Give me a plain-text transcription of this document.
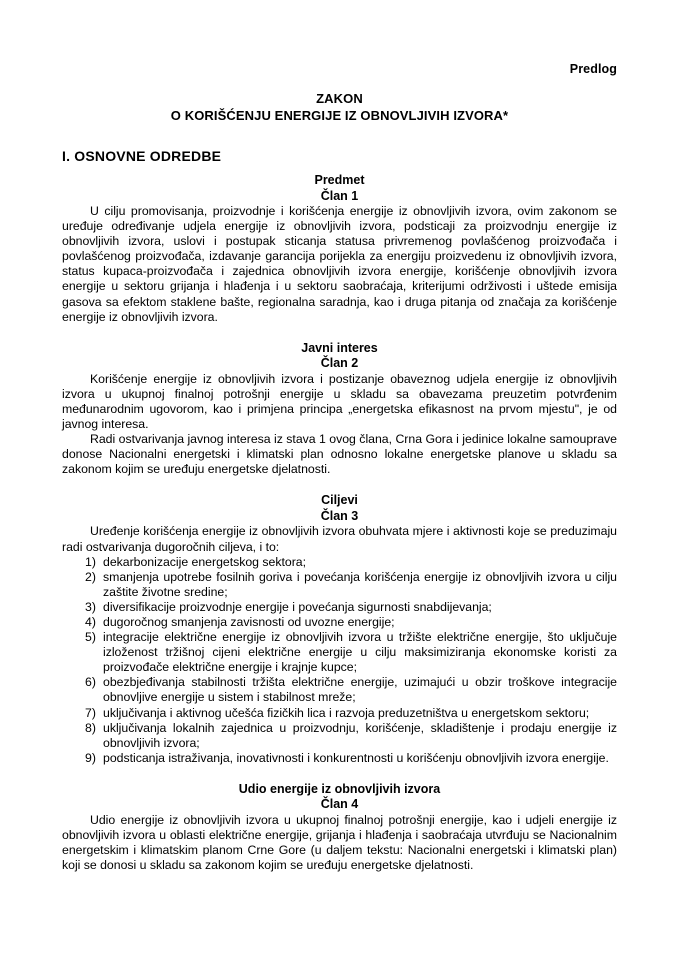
Predlog
ZAKON
O KORIŠĆENJU ENERGIJE IZ OBNOVLJIVIH IZVORA*
I. OSNOVNE ODREDBE
Predmet
Član 1

U cilju promovisanja, proizvodnje i korišćenja energije iz obnovljivih izvora, ovim zakonom se uređuje određivanje udjela energije iz obnovljivih izvora, podsticaji za proizvodnju energije iz obnovljivih izvora, uslovi i postupak sticanja statusa privremenog povlašćenog proizvođača i povlašćenog proizvođača, izdavanje garancija porijekla za energiju proizvedenu iz obnovljivih izvora, status kupaca-proizvođača i zajednica obnovljivih izvora energije, korišćenje obnovljivih izvora energije u sektoru grijanja i hlađenja i u sektoru saobraćaja, kriterijumi održivosti i uštede emisija gasova sa efektom staklene bašte, regionalna saradnja, kao i druga pitanja od značaja za korišćenje energije iz obnovljivih izvora.

Javni interes
Član 2

Korišćenje energije iz obnovljivih izvora i postizanje obaveznog udjela energije iz obnovljivih izvora u ukupnoj finalnoj potrošnji energije u skladu sa obavezama preuzetim potvrđenim međunarodnim ugovorom, kao i primjena principa „energetska efikasnost na prvom mjestu", je od javnog interesa.

Radi ostvarivanja javnog interesa iz stava 1 ovog člana, Crna Gora i jedinice lokalne samouprave donose Nacionalni energetski i klimatski plan odnosno lokalne energetske planove u skladu sa zakonom kojim se uređuju energetske djelatnosti.

Ciljevi
Član 3

Uređenje korišćenja energije iz obnovljivih izvora obuhvata mjere i aktivnosti koje se preduzimaju radi ostvarivanja dugoročnih ciljeva, i to:

dekarbonizacije energetskog sektora;
smanjenja upotrebe fosilnih goriva i povećanja korišćenja energije iz obnovljivih izvora u cilju zaštite životne sredine;
diversifikacije proizvodnje energije i povećanja sigurnosti snabdijevanja;
dugoročnog smanjenja zavisnosti od uvozne energije;
integracije električne energije iz obnovljivih izvora u tržište električne energije, što uključuje izloženost tržišnoj cijeni električne energije u cilju maksimiziranja ekonomske koristi za proizvođače električne energije i krajnje kupce;
obezbjeđivanja stabilnosti tržišta električne energije, uzimajući u obzir troškove integracije obnovljive energije u sistem i stabilnost mreže;
uključivanja i aktivnog učešća fizičkih lica i razvoja preduzetništva u energetskom sektoru;
uključivanja lokalnih zajednica u proizvodnju, korišćenje, skladištenje i prodaju energije iz obnovljivih izvora;
podsticanja istraživanja, inovativnosti i konkurentnosti u korišćenju obnovljivih izvora energije.
Udio energije iz obnovljivih izvora
Član 4

Udio energije iz obnovljivih izvora u ukupnoj finalnoj potrošnji energije, kao i udjeli energije iz obnovljivih izvora u oblasti električne energije, grijanja i hlađenja i saobraćaja utvrđuju se Nacionalnim energetskim i klimatskim planom Crne Gore (u daljem tekstu: Nacionalni energetski i klimatski plan) koji se donosi u skladu sa zakonom kojim se uređuju energetske djelatnosti.
